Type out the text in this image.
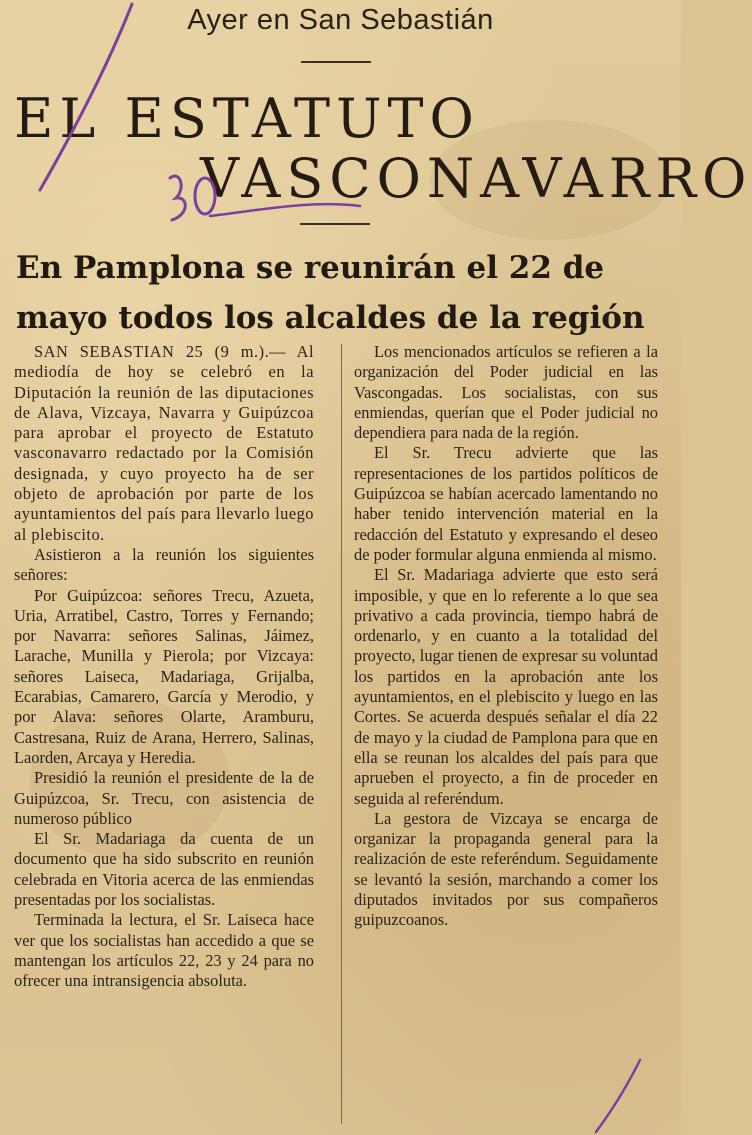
Ayer en San Sebastián
EL ESTATUTO
VASCONAVARRO
En Pamplona se reunirán el 22 de
mayo todos los alcaldes de la región

SAN SEBASTIAN 25 (9 m.).— Al mediodía de hoy se celebró en la Diputación la reunión de las diputaciones de Alava, Vizcaya, Navarra y Guipúzcoa para aprobar el proyecto de Estatuto vasconavarro redactado por la Comisión designada, y cuyo proyecto ha de ser objeto de aprobación por parte de los ayuntamientos del país para llevarlo luego al plebiscito.

Asistieron a la reunión los siguientes señores:

Por Guipúzcoa: señores Trecu, Azueta, Uria, Arratibel, Castro, Torres y Fernando; por Navarra: señores Salinas, Jáimez, Larache, Munilla y Pierola; por Vizcaya: señores Laiseca, Madariaga, Grijalba, Ecarabias, Camarero, García y Merodio, y por Alava: señores Olarte, Aramburu, Castresana, Ruiz de Arana, Herrero, Salinas, Laorden, Arcaya y Heredia.

Presidió la reunión el presidente de la de Guipúzcoa, Sr. Trecu, con asistencia de numeroso público

El Sr. Madariaga da cuenta de un documento que ha sido subscrito en reunión celebrada en Vitoria acerca de las enmiendas presentadas por los socialistas.

Terminada la lectura, el Sr. Laiseca hace ver que los socialistas han accedido a que se mantengan los artículos 22, 23 y 24 para no ofrecer una intransigencia absoluta.

Los mencionados artículos se refieren a la organización del Poder judicial en las Vascongadas. Los socialistas, con sus enmiendas, querían que el Poder judicial no dependiera para nada de la región.

El Sr. Trecu advierte que las representaciones de los partidos políticos de Guipúzcoa se habían acercado lamentando no haber tenido intervención material en la redacción del Estatuto y expresando el deseo de poder formular alguna enmienda al mismo.

El Sr. Madariaga advierte que esto será imposible, y que en lo referente a lo que sea privativo a cada provincia, tiempo habrá de ordenarlo, y en cuanto a la totalidad del proyecto, lugar tienen de expresar su voluntad los partidos en la aprobación ante los ayuntamientos, en el plebiscito y luego en las Cortes. Se acuerda después señalar el día 22 de mayo y la ciudad de Pamplona para que en ella se reunan los alcaldes del país para que aprueben el proyecto, a fin de proceder en seguida al referéndum.

La gestora de Vizcaya se encarga de organizar la propaganda general para la realización de este referéndum. Seguidamente se levantó la sesión, marchando a comer los diputados invitados por sus compañeros guipuzcoanos.
